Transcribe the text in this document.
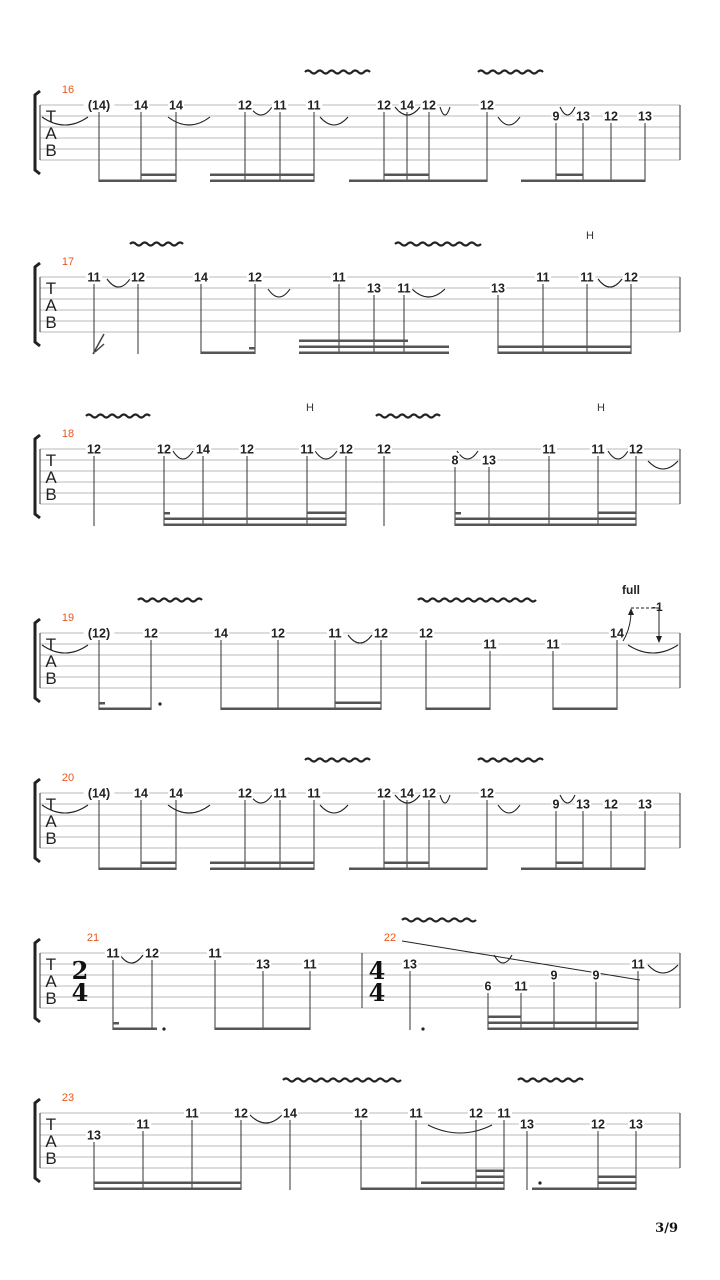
T
A
B
16
(14) 14 14	12 11 11	12 14 12	12
9 13 12 13
T
A
B
17
H
11 12	14	12	11
13 11	13
11 11 12
T
A
B
18
H	H
12	12 14 12	11 12 12
8 13
11	11 12
T
A
B
19
(12)	12	14	12	11	12 12
11	11
14
full
-1
T
A
B
20
(14) 14 14	12 11 11	12 14 12	12
9 13 12 13
T
A
B
21	22
2
4
4
4
11 12	11
13	11	13
6 11
9	9
11
T
A
B
23
13
11
11	12	14	12	11	12 11
13	12 13
3/9
